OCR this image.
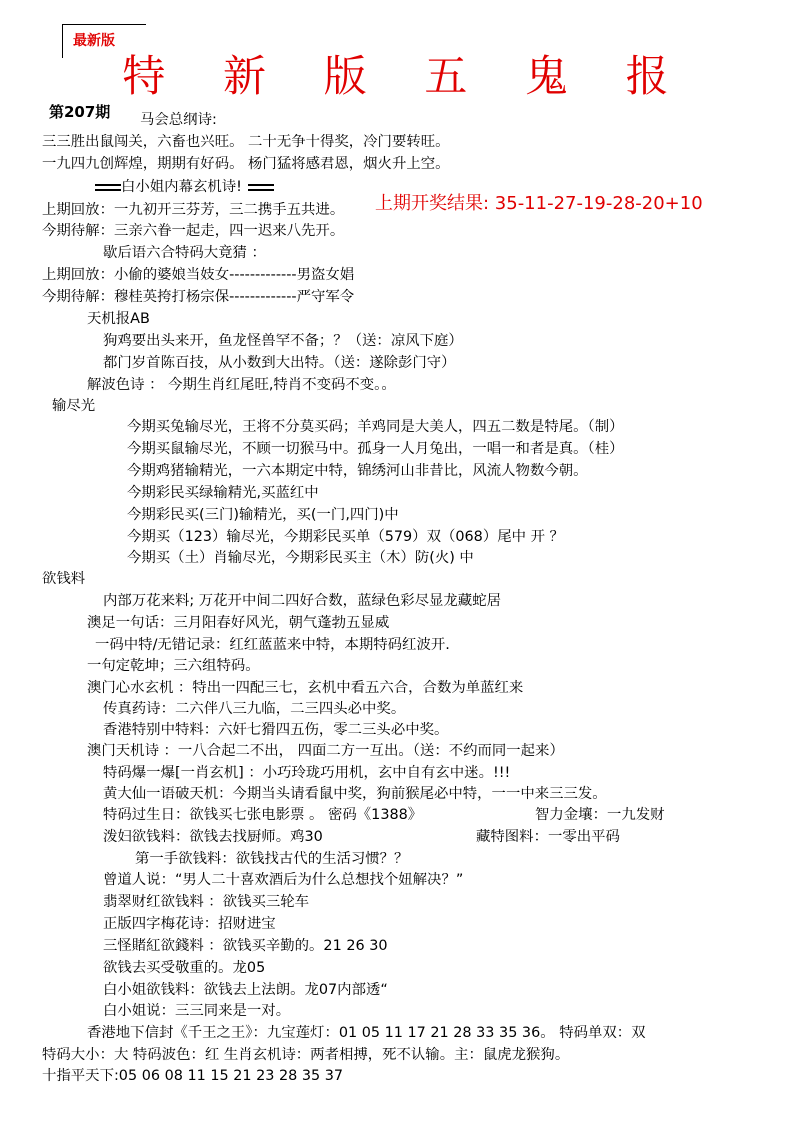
最新版
特 新 版 五 鬼 报
第207期 马会总纲诗:
三三胜出鼠闯关，六畜也兴旺。 二十无争十得奖，冷门要转旺。
一九四九创辉煌，期期有好码。 杨门猛将感君恩，烟火升上空。
白小姐内幕玄机诗!
上期回放：一九初开三芬芳，三二携手五共进。 上期开奖结果: 35-11-27-19-28-20+10
今期待解：三亲六眷一起走，四一迟来八先开。
歇后语六合特码大竟猜 ：
上期回放：小偷的婆娘当妓女-------------男盗女娼
今期待解：穆桂英挎打杨宗保-------------严守军令
天机报AB
狗鸡要出头来开，鱼龙怪兽罕不备；？（送：凉风下庭）
都门岁首陈百技，从小数到大出特。（送：遂除彭门守）
解波色诗 ： 今期生肖红尾旺,特肖不变码不变。。
输尽光
今期买兔输尽光，王将不分莫买码；羊鸡同是大美人，四五二数是特尾。（制）
今期买鼠输尽光，不顾一切猴马中。孤身一人月兔出，一唱一和者是真。（桂）
今期鸡猪输精光，一六本期定中特，锦绣河山非昔比，风流人物数今朝。
今期彩民买绿输精光,买蓝红中
今期彩民买(三门)输精光，买(一门,四门)中
今期买（123）输尽光，今期彩民买单（579）双（068）尾中 开 ？
今期买（土）肖输尽光，今期彩民买主（木）防(火) 中
欲钱料
内部万花来料; 万花开中间二四好合数，蓝绿色彩尽显龙藏蛇居
澳足一句话：三月阳春好风光，朝气蓬勃五显威
一码中特/无错记录：红红蓝蓝来中特，本期特码红波开.
一句定乾坤；三六组特码。
澳门心水玄机 ：特出一四配三七，玄机中看五六合，合数为单蓝红来
传真药诗：二六伴八三九临，二三四头必中奖。
香港特别中特料：六奸七猾四五伤，零二三头必中奖。
澳门天机诗 ：一八合起二不出， 四面二方一互出。（送：不约而同一起来）
特码爆一爆[一肖玄机] ：小巧玲珑巧用机，玄中自有玄中迷。!!!
黄大仙一语破天机：今期当头请看鼠中奖，狗前猴尾必中特，一一中来三三发。
特码过生日：欲钱买七张电影票 。 密码《1388》	智力金壤：一九发财
泼妇欲钱料：欲钱去找厨师。鸡30	藏特图料：一零出平码
第一手欲钱料：欲钱找古代的生活习惯？？
曾道人说：“男人二十喜欢酒后为什么总想找个妞解决？”
翡翠财红欲钱料 ：欲钱买三轮车
正版四字梅花诗：招财进宝
三怪賭紅欲錢料 ：欲钱买辛勤的。21 26 30
欲钱去买受敬重的。龙05
白小姐欲钱料：欲钱去上法朗。龙07内部透“
白小姐说：三三同来是一对。
香港地下信封《千王之王》：九宝莲灯：01 05 11 17 21 28 33 35 36。 特码单双：双
特码大小：大 特码波色：红 生肖玄机诗：两者相搏，死不认输。主：鼠虎龙猴狗。
十指平天下:05 06 08 11 15 21 23 28 35 37
